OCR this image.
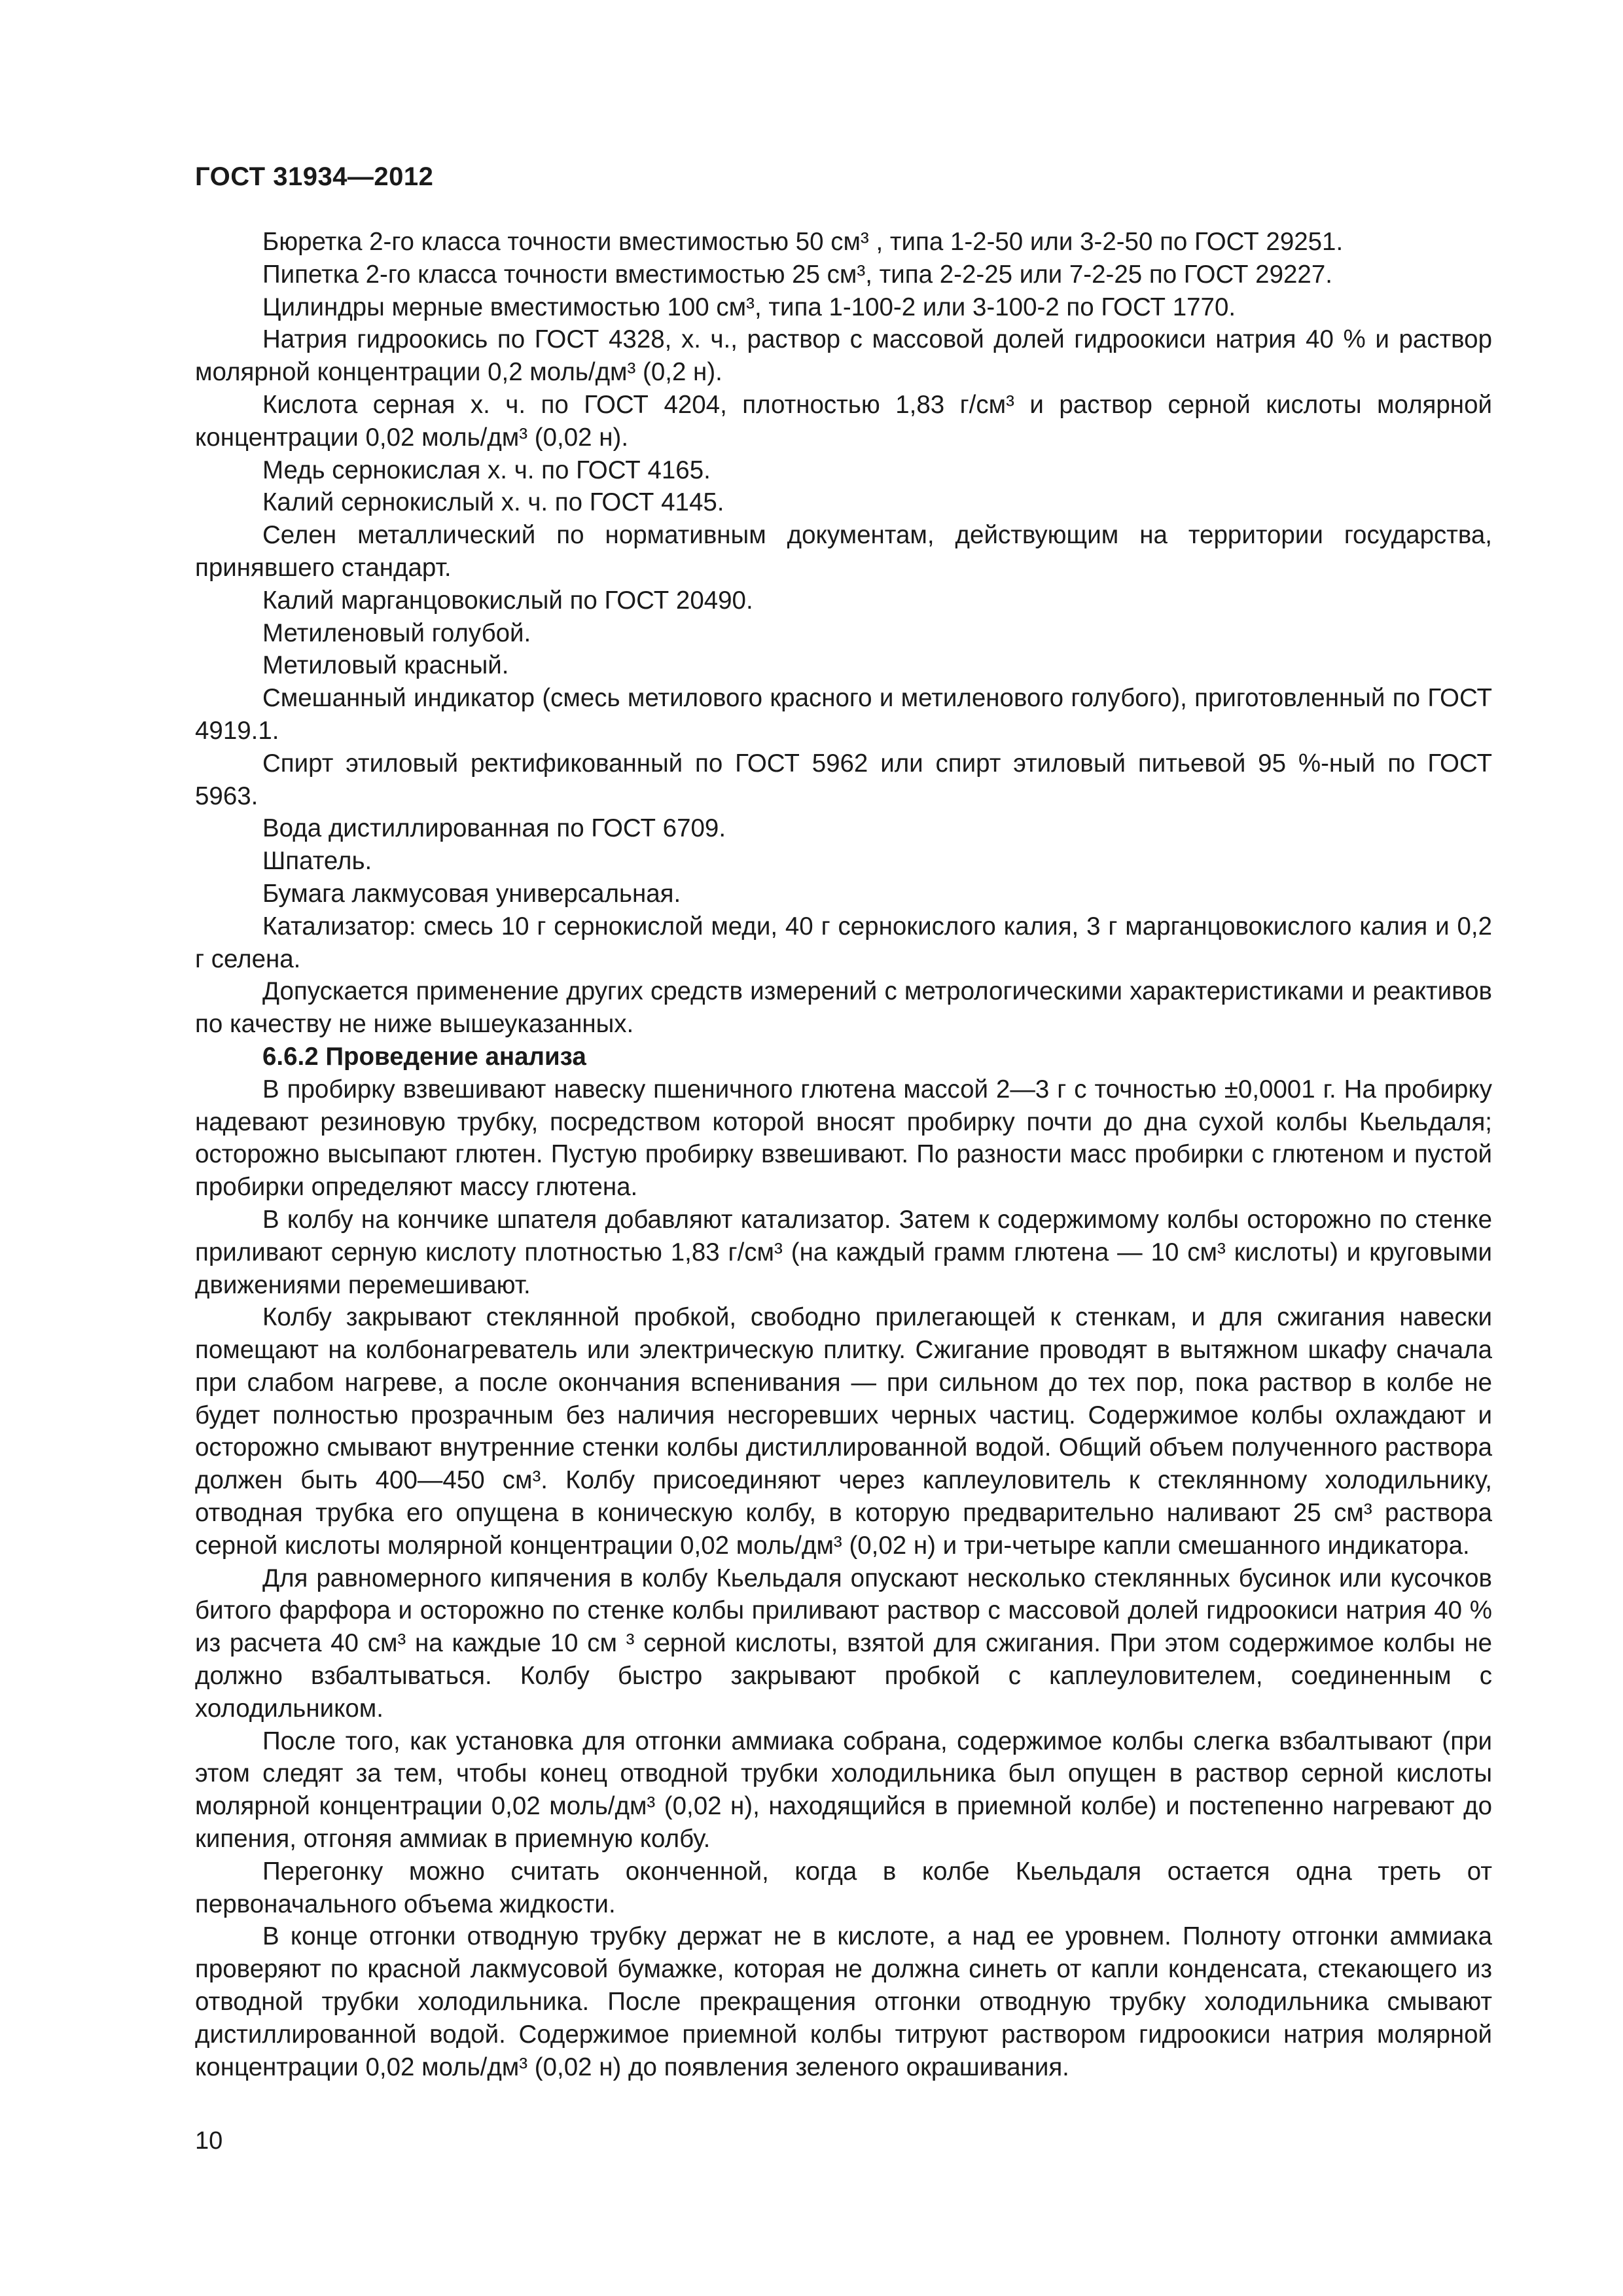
ГОСТ 31934—2012

Бюретка 2-го класса точности вместимостью 50 см³ , типа 1-2-50 или 3-2-50 по ГОСТ 29251.

Пипетка 2-го класса точности вместимостью 25 см³, типа 2-2-25 или 7-2-25 по ГОСТ 29227.

Цилиндры мерные вместимостью 100 см³, типа 1-100-2 или 3-100-2 по ГОСТ 1770.

Натрия гидроокись по ГОСТ 4328, х. ч., раствор с массовой долей гидроокиси натрия 40 % и раствор молярной концентрации 0,2 моль/дм³ (0,2 н).

Кислота серная х. ч. по ГОСТ 4204, плотностью 1,83 г/см³ и раствор серной кислоты молярной концентрации 0,02 моль/дм³ (0,02 н).

Медь сернокислая х. ч. по ГОСТ 4165.

Калий сернокислый х. ч. по ГОСТ 4145.

Селен металлический по нормативным документам, действующим на территории государства, принявшего стандарт.

Калий марганцовокислый по ГОСТ 20490.

Метиленовый голубой.

Метиловый красный.

Смешанный индикатор (смесь метилового красного и метиленового голубого), приготовленный по ГОСТ 4919.1.

Спирт этиловый ректификованный по ГОСТ 5962 или спирт этиловый питьевой 95 %-ный по ГОСТ 5963.

Вода дистиллированная по ГОСТ 6709.

Шпатель.

Бумага лакмусовая универсальная.

Катализатор: смесь 10 г сернокислой меди, 40 г сернокислого калия, 3 г марганцовокислого калия и 0,2 г селена.

Допускается применение других средств измерений с метрологическими характеристиками и реактивов по качеству не ниже вышеуказанных.

6.6.2 Проведение анализа

В пробирку взвешивают навеску пшеничного глютена массой 2—3 г с точностью ±0,0001 г. На пробирку надевают резиновую трубку, посредством которой вносят пробирку почти до дна сухой колбы Кьельдаля; осторожно высыпают глютен. Пустую пробирку взвешивают. По разности масс пробирки с глютеном и пустой пробирки определяют массу глютена.

В колбу на кончике шпателя добавляют катализатор. Затем к содержимому колбы осторожно по стенке приливают серную кислоту плотностью 1,83 г/см³ (на каждый грамм глютена — 10 см³ кислоты) и круговыми движениями перемешивают.

Колбу закрывают стеклянной пробкой, свободно прилегающей к стенкам, и для сжигания навески помещают на колбонагреватель или электрическую плитку. Сжигание проводят в вытяжном шкафу сначала при слабом нагреве, а после окончания вспенивания — при сильном до тех пор, пока раствор в колбе не будет полностью прозрачным без наличия несгоревших черных частиц. Содержимое колбы охлаждают и осторожно смывают внутренние стенки колбы дистиллированной водой. Общий объем полученного раствора должен быть 400—450 см³. Колбу присоединяют через каплеуловитель к стеклянному холодильнику, отводная трубка его опущена в коническую колбу, в которую предварительно наливают 25 см³ раствора серной кислоты молярной концентрации 0,02 моль/дм³ (0,02 н) и три-четыре капли смешанного индикатора.

Для равномерного кипячения в колбу Кьельдаля опускают несколько стеклянных бусинок или кусочков битого фарфора и осторожно по стенке колбы приливают раствор с массовой долей гидроокиси натрия 40 % из расчета 40 см³ на каждые 10 см ³ серной кислоты, взятой для сжигания. При этом содержимое колбы не должно взбалтываться. Колбу быстро закрывают пробкой с каплеуловителем, соединенным с холодильником.

После того, как установка для отгонки аммиака собрана, содержимое колбы слегка взбалтывают (при этом следят за тем, чтобы конец отводной трубки холодильника был опущен в раствор серной кислоты молярной концентрации 0,02 моль/дм³ (0,02 н), находящийся в приемной колбе) и постепенно нагревают до кипения, отгоняя аммиак в приемную колбу.

Перегонку можно считать оконченной, когда в колбе Кьельдаля остается одна треть от первоначального объема жидкости.

В конце отгонки отводную трубку держат не в кислоте, а над ее уровнем. Полноту отгонки аммиака проверяют по красной лакмусовой бумажке, которая не должна синеть от капли конденсата, стекающего из отводной трубки холодильника. После прекращения отгонки отводную трубку холодильника смывают дистиллированной водой. Содержимое приемной колбы титруют раствором гидроокиси натрия молярной концентрации 0,02 моль/дм³ (0,02 н) до появления зеленого окрашивания.

10
